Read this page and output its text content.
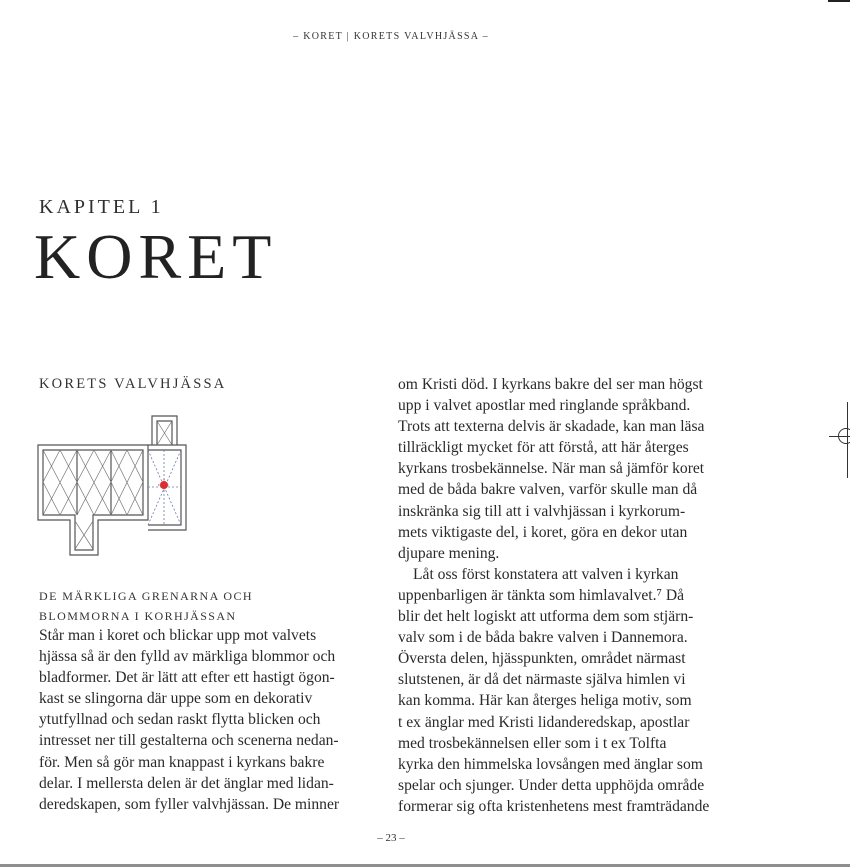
– KORET | KORETS VALVHJÄSSA –
KAPITEL 1
KORET
KORETS VALVHJÄSSA
DE MÄRKLIGA GRENARNA OCH
BLOMMORNA I KORHJÄSSAN

Står man i koret och blickar upp mot valvets

hjässa så är den fylld av märkliga blommor och

bladformer. Det är lätt att efter ett hastigt ögon-

kast se slingorna där uppe som en dekorativ

ytutfyllnad och sedan raskt flytta blicken och

intresset ner till gestalterna och scenerna nedan-

för. Men så gör man knappast i kyrkans bakre

delar. I mellersta delen är det änglar med lidan-

deredskapen, som fyller valvhjässan. De minner

om Kristi död. I kyrkans bakre del ser man högst

upp i valvet apostlar med ringlande språkband.

Trots att texterna delvis är skadade, kan man läsa

tillräckligt mycket för att förstå, att här återges

kyrkans trosbekännelse. När man så jämför koret

med de båda bakre valven, varför skulle man då

inskränka sig till att i valvhjässan i kyrkorum-

mets viktigaste del, i koret, göra en dekor utan

djupare mening.

Låt oss först konstatera att valven i kyrkan

uppenbarligen är tänkta som himlavalvet.⁷ Då

blir det helt logiskt att utforma dem som stjärn-

valv som i de båda bakre valven i Dannemora.

Översta delen, hjässpunkten, området närmast

slutstenen, är då det närmaste själva himlen vi

kan komma. Här kan återges heliga motiv, som

t ex änglar med Kristi lidanderedskap, apostlar

med trosbekännelsen eller som i t ex Tolfta

kyrka den himmelska lovsången med änglar som

spelar och sjunger. Under detta upphöjda område

formerar sig ofta kristenhetens mest framträdande

– 23 –
